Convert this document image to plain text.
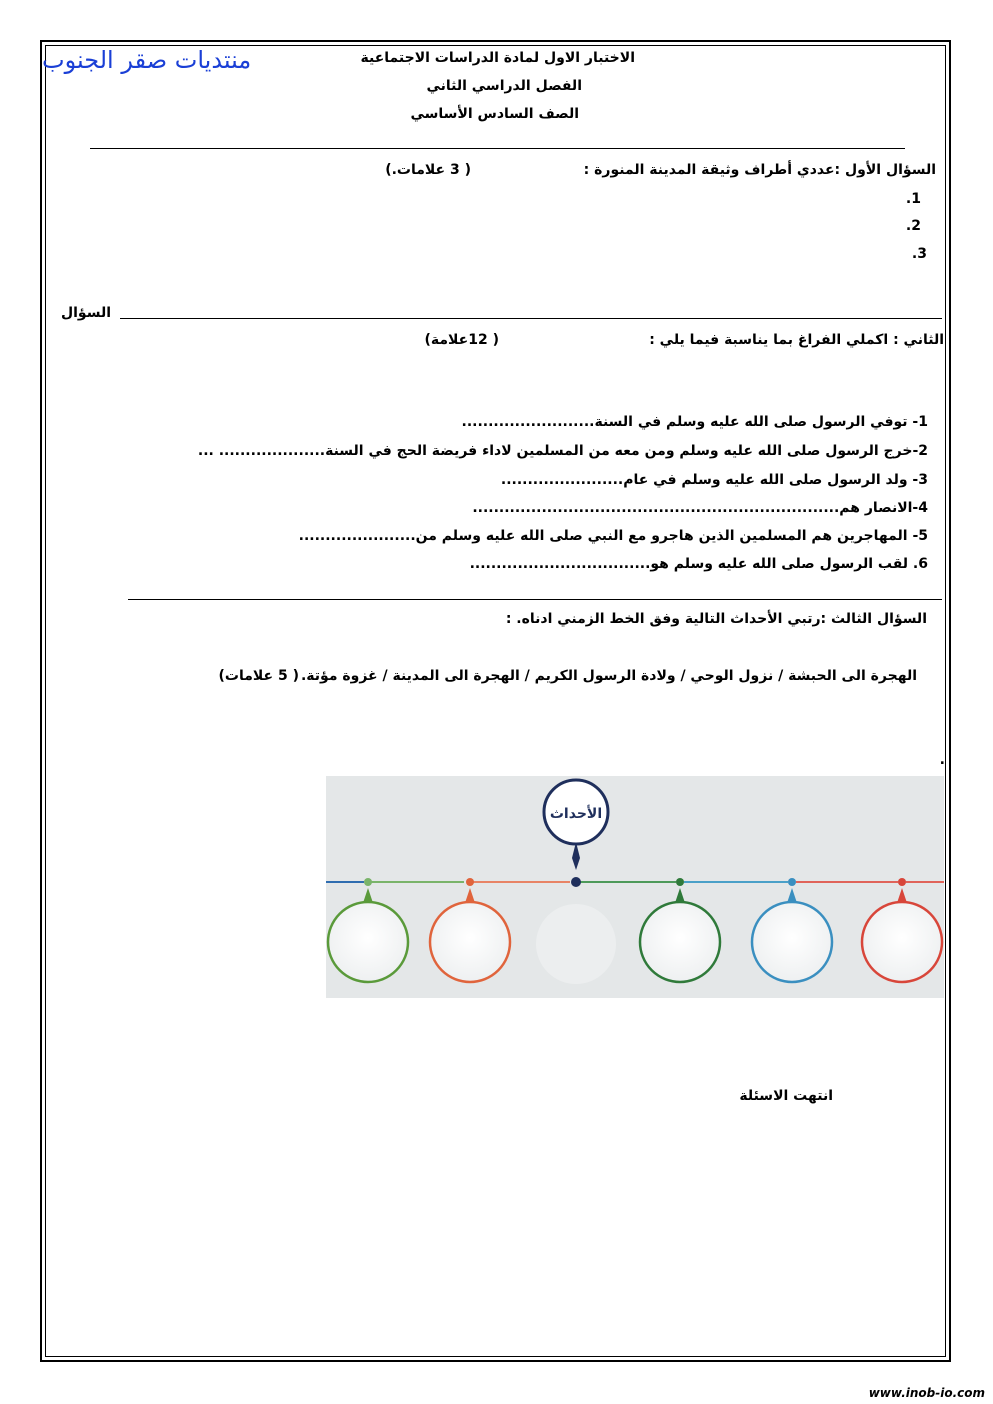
منتديات صقر الجنوب	الاختبار الاول لمادة الدراسات الاجتماعية
الفصل الدراسي الثاني
الصف السادس الأساسي
السؤال الأول :عددي أطراف وثيقة المدينة المنورة :
( 3 علامات.)
1.
2.
3.
السؤال
الثاني : اكملي الفراغ بما يناسبة فيما يلي :
( 12علامة)
1- توفي الرسول صلى الله عليه وسلم في السنة.........................
2-خرج الرسول صلى الله عليه وسلم ومن معه من المسلمين لاداء فريضة الحج في السنة.................... ...
3- ولد الرسول صلى الله عليه وسلم في عام.......................
4-الانصار هم.....................................................................
5- المهاجرين هم المسلمين الذين هاجرو مع النبي صلى الله عليه وسلم من......................
6. لقب الرسول صلى الله عليه وسلم هو..................................
السؤال الثالث :رتبي الأحداث التالية وفق الخط الزمني ادناه. :
الهجرة الى الحبشة / نزول الوحي / ولادة الرسول الكريم / الهجرة الى المدينة / غزوة مؤتة.
( 5 علامات)
.
الأحداث
انتهت الاسئلة
www.inob-io.com
